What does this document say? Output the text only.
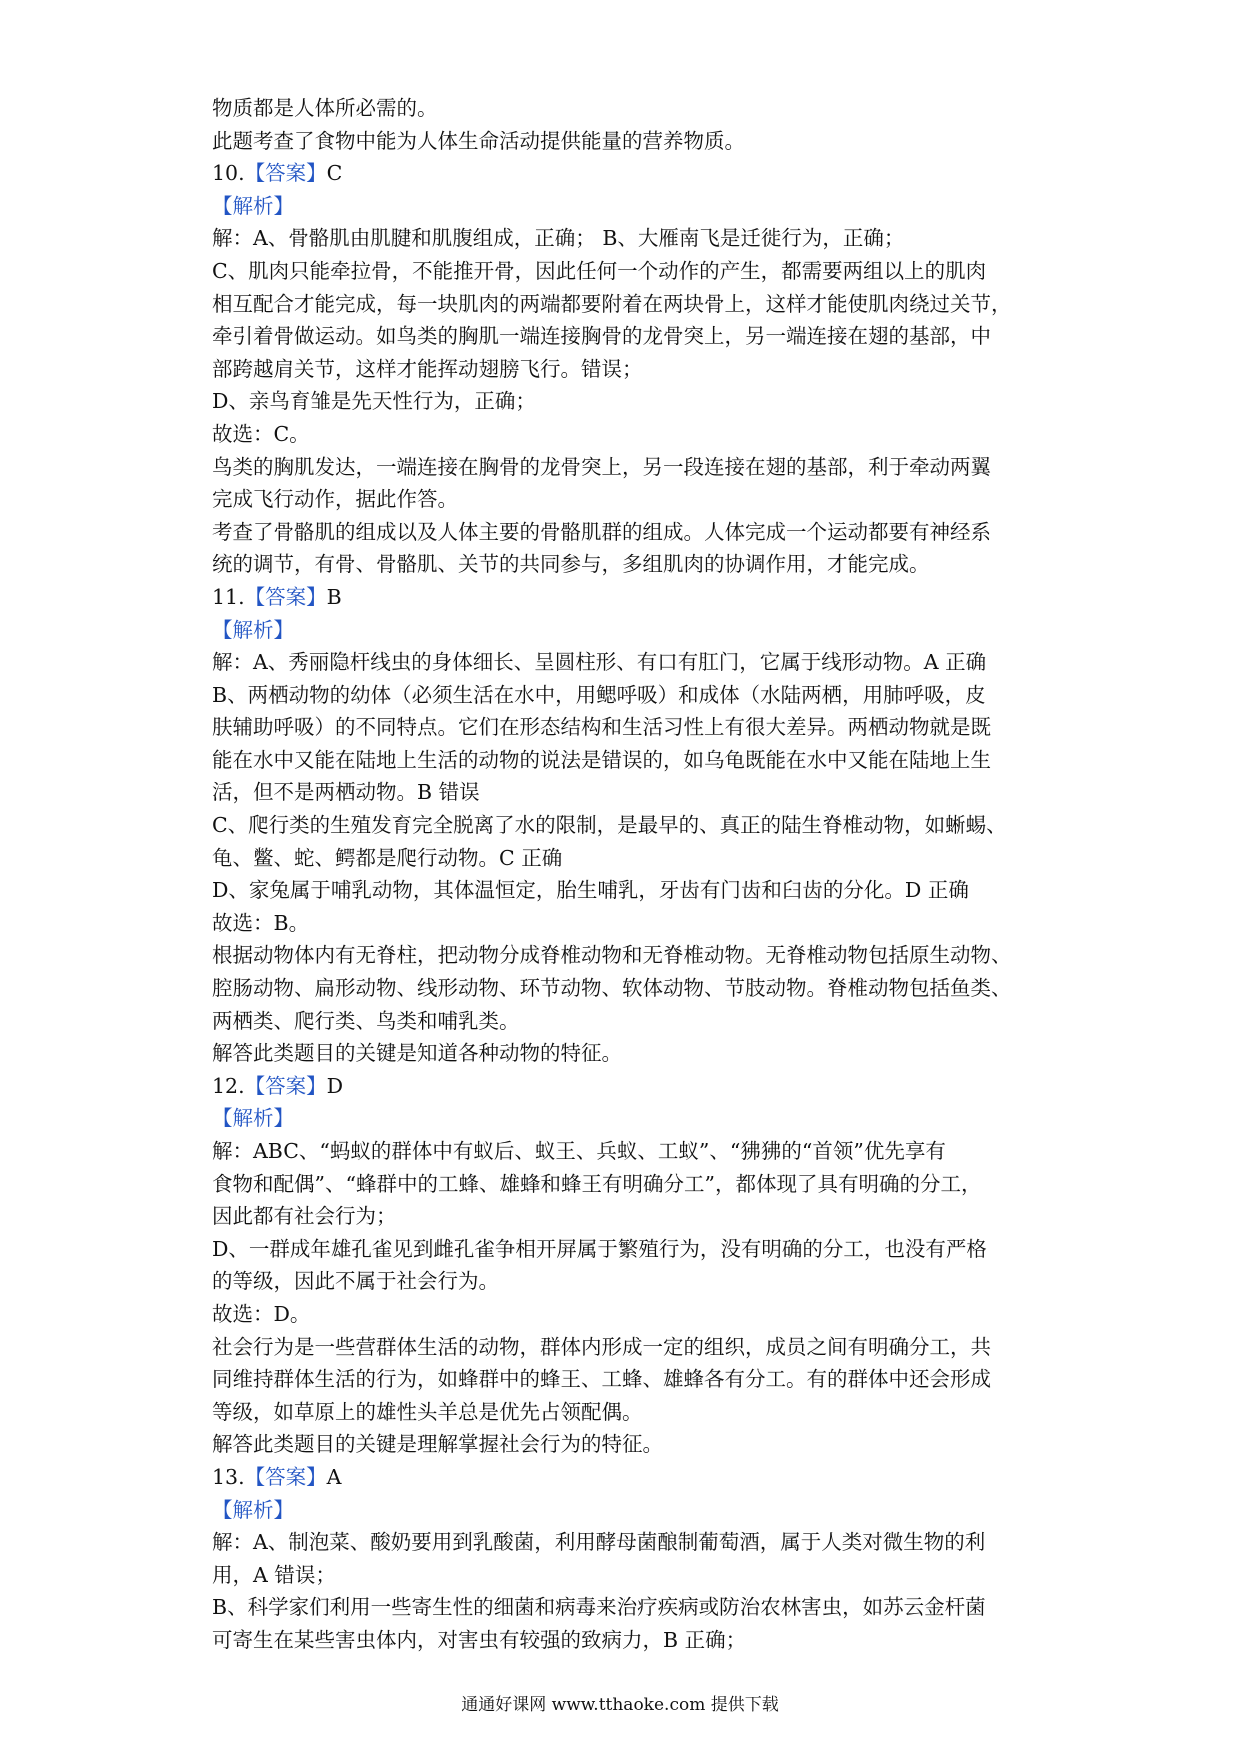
物质都是人体所必需的。
此题考查了食物中能为人体生命活动提供能量的营养物质。
10.【答案】C
【解析】
解：A、骨骼肌由肌腱和肌腹组成，正确； B、大雁南飞是迁徙行为，正确；
C、肌肉只能牵拉骨，不能推开骨，因此任何一个动作的产生，都需要两组以上的肌肉
相互配合才能完成，每一块肌肉的两端都要附着在两块骨上，这样才能使肌肉绕过关节，
牵引着骨做运动。如鸟类的胸肌一端连接胸骨的龙骨突上，另一端连接在翅的基部，中
部跨越肩关节，这样才能挥动翅膀飞行。错误；
D、亲鸟育雏是先天性行为，正确；
故选：C。
鸟类的胸肌发达，一端连接在胸骨的龙骨突上，另一段连接在翅的基部，利于牵动两翼
完成飞行动作，据此作答。
考查了骨骼肌的组成以及人体主要的骨骼肌群的组成。人体完成一个运动都要有神经系
统的调节，有骨、骨骼肌、关节的共同参与，多组肌肉的协调作用，才能完成。
11.【答案】B
【解析】
解：A、秀丽隐杆线虫的身体细长、呈圆柱形、有口有肛门，它属于线形动物。A 正确
B、两栖动物的幼体（必须生活在水中，用鳃呼吸）和成体（水陆两栖，用肺呼吸，皮
肤辅助呼吸）的不同特点。它们在形态结构和生活习性上有很大差异。两栖动物就是既
能在水中又能在陆地上生活的动物的说法是错误的，如乌龟既能在水中又能在陆地上生
活，但不是两栖动物。B 错误
C、爬行类的生殖发育完全脱离了水的限制，是最早的、真正的陆生脊椎动物，如蜥蜴、
龟、鳖、蛇、鳄都是爬行动物。C 正确
D、家兔属于哺乳动物，其体温恒定，胎生哺乳，牙齿有门齿和臼齿的分化。D 正确
故选：B。
根据动物体内有无脊柱，把动物分成脊椎动物和无脊椎动物。无脊椎动物包括原生动物、
腔肠动物、扁形动物、线形动物、环节动物、软体动物、节肢动物。脊椎动物包括鱼类、
两栖类、爬行类、鸟类和哺乳类。
解答此类题目的关键是知道各种动物的特征。
12.【答案】D
【解析】
解：ABC、“蚂蚁的群体中有蚁后、蚁王、兵蚁、工蚁”、“狒狒的“首领”优先享有
食物和配偶”、“蜂群中的工蜂、雄蜂和蜂王有明确分工”，都体现了具有明确的分工，
因此都有社会行为；
D、一群成年雄孔雀见到雌孔雀争相开屏属于繁殖行为，没有明确的分工，也没有严格
的等级，因此不属于社会行为。
故选：D。
社会行为是一些营群体生活的动物，群体内形成一定的组织，成员之间有明确分工，共
同维持群体生活的行为，如蜂群中的蜂王、工蜂、雄蜂各有分工。有的群体中还会形成
等级，如草原上的雄性头羊总是优先占领配偶。
解答此类题目的关键是理解掌握社会行为的特征。
13.【答案】A
【解析】
解：A、制泡菜、酸奶要用到乳酸菌，利用酵母菌酿制葡萄酒，属于人类对微生物的利
用，A 错误；
B、科学家们利用一些寄生性的细菌和病毒来治疗疾病或防治农林害虫，如苏云金杆菌
可寄生在某些害虫体内，对害虫有较强的致病力，B 正确；
通通好课网 www.tthaoke.com 提供下载
